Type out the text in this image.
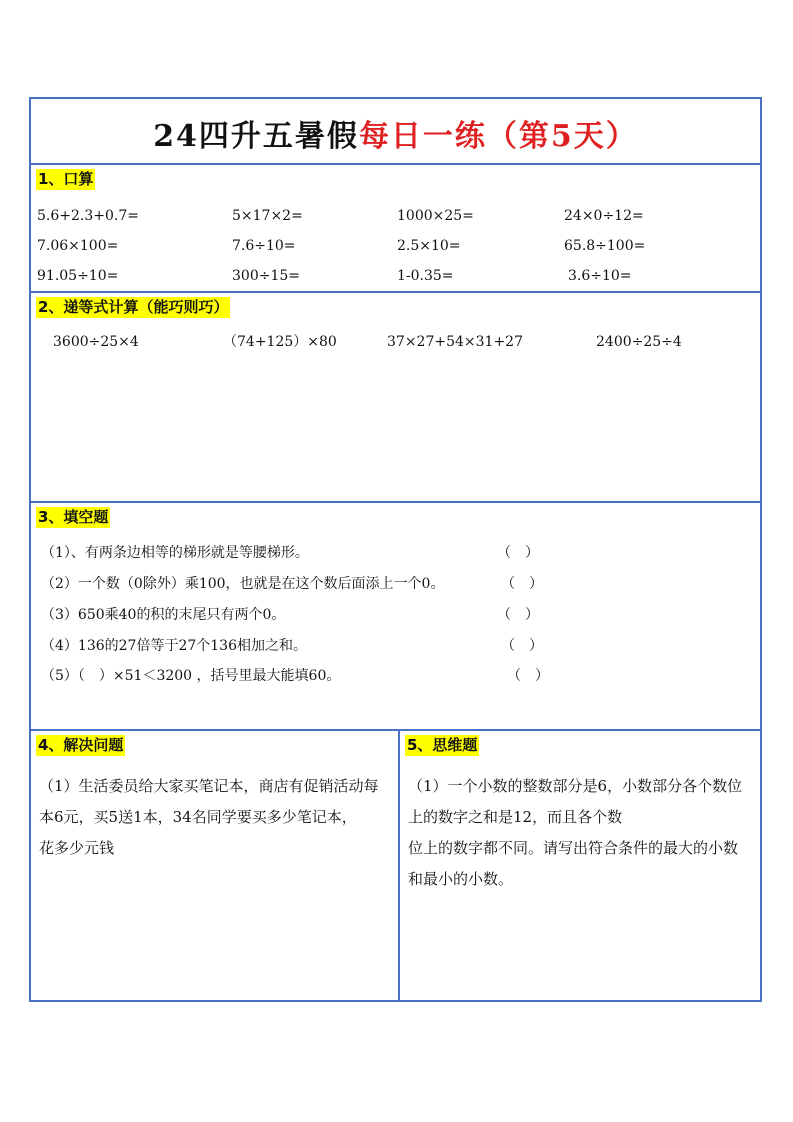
24四升五暑假每日一练（第5天）
1、口算
5.6+2.3+0.7=	5×17×2=	1000×25=	24×0÷12=
7.06×100=	7.6÷10=	2.5×10=	65.8÷100=
91.05÷10=	300÷15=	1-0.35=	3.6÷10=
2、递等式计算（能巧则巧）
3600÷25×4	（74+125）×80	37×27+54×31+27	2400÷25÷4
3、填空题
（1）、有两条边相等的梯形就是等腰梯形。	（　）
（2）一个数（0除外）乘100，也就是在这个数后面添上一个0。	（　）
（3）650乘40的积的末尾只有两个0。	（　）
（4）136的27倍等于27个136相加之和。	（　）
（5）（　）×51＜3200 ，括号里最大能填60。	（　）
4、解决问题
（1）生活委员给大家买笔记本，商店有促销活动每
本6元，买5送1本，34名同学要买多少笔记本，
花多少元钱
5、思维题
（1）一个小数的整数部分是6，小数部分各个数位
上的数字之和是12，而且各个数
位上的数字都不同。请写出符合条件的最大的小数
和最小的小数。
